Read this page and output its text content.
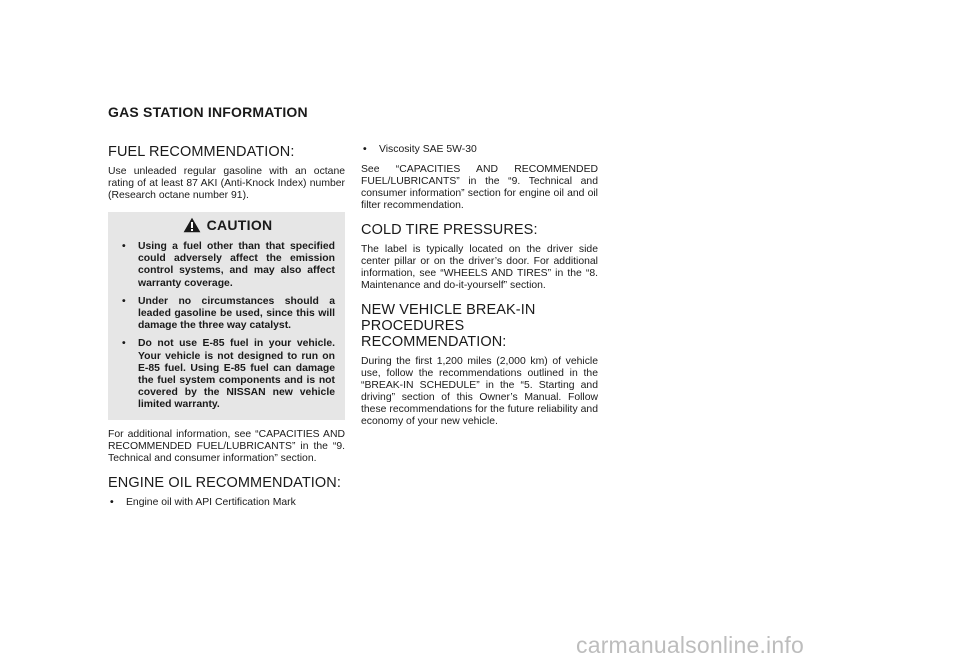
GAS STATION INFORMATION
FUEL RECOMMENDATION:

Use unleaded regular gasoline with an octane rating of at least 87 AKI (Anti-Knock Index) number (Research octane number 91).

CAUTION
• Using a fuel other than that specified could adversely affect the emission control systems, and may also affect warranty coverage.
• Under no circumstances should a leaded gasoline be used, since this will damage the three way catalyst.
• Do not use E-85 fuel in your vehicle. Your vehicle is not designed to run on E-85 fuel. Using E-85 fuel can damage the fuel system components and is not covered by the NISSAN new vehicle limited warranty.

For additional information, see “CAPACITIES AND RECOMMENDED FUEL/LUBRICANTS” in the “9. Technical and consumer information” section.

ENGINE OIL RECOMMENDATION:
• Engine oil with API Certification Mark
• Viscosity SAE 5W-30

See “CAPACITIES AND RECOMMENDED FUEL/LUBRICANTS” in the “9. Technical and consumer information” section for engine oil and oil filter recommendation.

COLD TIRE PRESSURES:

The label is typically located on the driver side center pillar or on the driver’s door. For additional information, see “WHEELS AND TIRES” in the “8. Maintenance and do-it-yourself” section.

NEW VEHICLE BREAK-IN PROCEDURES RECOMMENDATION:

During the first 1,200 miles (2,000 km) of vehicle use, follow the recommendations outlined in the “BREAK-IN SCHEDULE” in the “5. Starting and driving” section of this Owner’s Manual. Follow these recommendations for the future reliability and economy of your new vehicle.

carmanualsonline.info
